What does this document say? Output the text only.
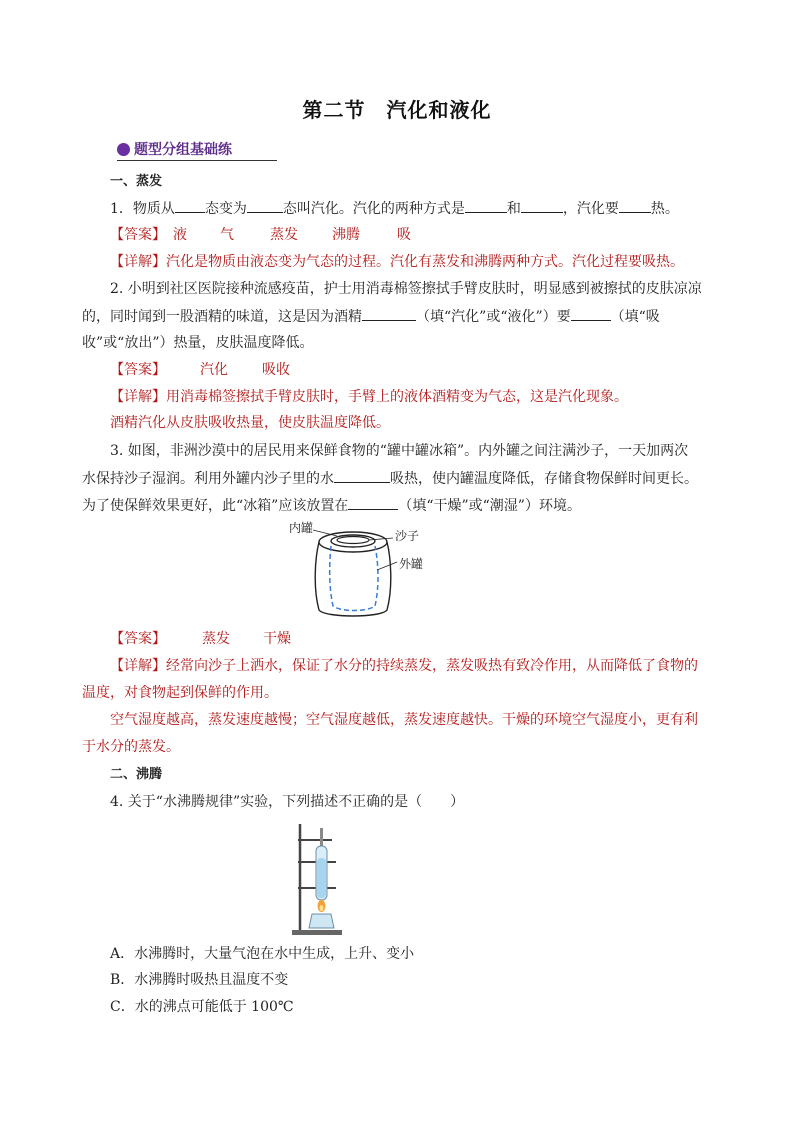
第二节　汽化和液化
题型分组基础练
一、蒸发
1．物质从 态变为	态叫汽化。汽化的两种方式是	和	，汽化要 热。
【答案】 液 气	蒸发 沸腾	吸
【详解】汽化是物质由液态变为气态的过程。汽化有蒸发和沸腾两种方式。汽化过程要吸热。
2. 小明到社区医院接种流感疫苗，护士用消毒棉签擦拭手臂皮肤时，明显感到被擦拭的皮肤凉凉
的，同时闻到一股酒精的味道，这是因为酒精	（填“汽化”或“液化”）要	（填“吸
收”或“放出”）热量，皮肤温度降低。
【答案】 汽化 吸收
【详解】用消毒棉签擦拭手臂皮肤时，手臂上的液体酒精变为气态，这是汽化现象。
酒精汽化从皮肤吸收热量，使皮肤温度降低。
3. 如图，非洲沙漠中的居民用来保鲜食物的“罐中罐冰箱”。内外罐之间注满沙子，一天加两次
水保持沙子湿润。利用外罐内沙子里的水	吸热，使内罐温度降低，存储食物保鲜时间更长。
为了使保鲜效果更好，此“冰箱”应该放置在	（填“干燥”或“潮湿”）环境。
内罐
沙子
外罐
【答案】	蒸发 干燥
【详解】经常向沙子上洒水，保证了水分的持续蒸发，蒸发吸热有致冷作用，从而降低了食物的
温度，对食物起到保鲜的作用。
空气湿度越高，蒸发速度越慢；空气湿度越低，蒸发速度越快。干燥的环境空气湿度小，更有利
于水分的蒸发。
二、沸腾
4. 关于“水沸腾规律”实验，下列描述不正确的是（　　）
A．水沸腾时，大量气泡在水中生成，上升、变小
B．水沸腾时吸热且温度不变
C．水的沸点可能低于 100℃
